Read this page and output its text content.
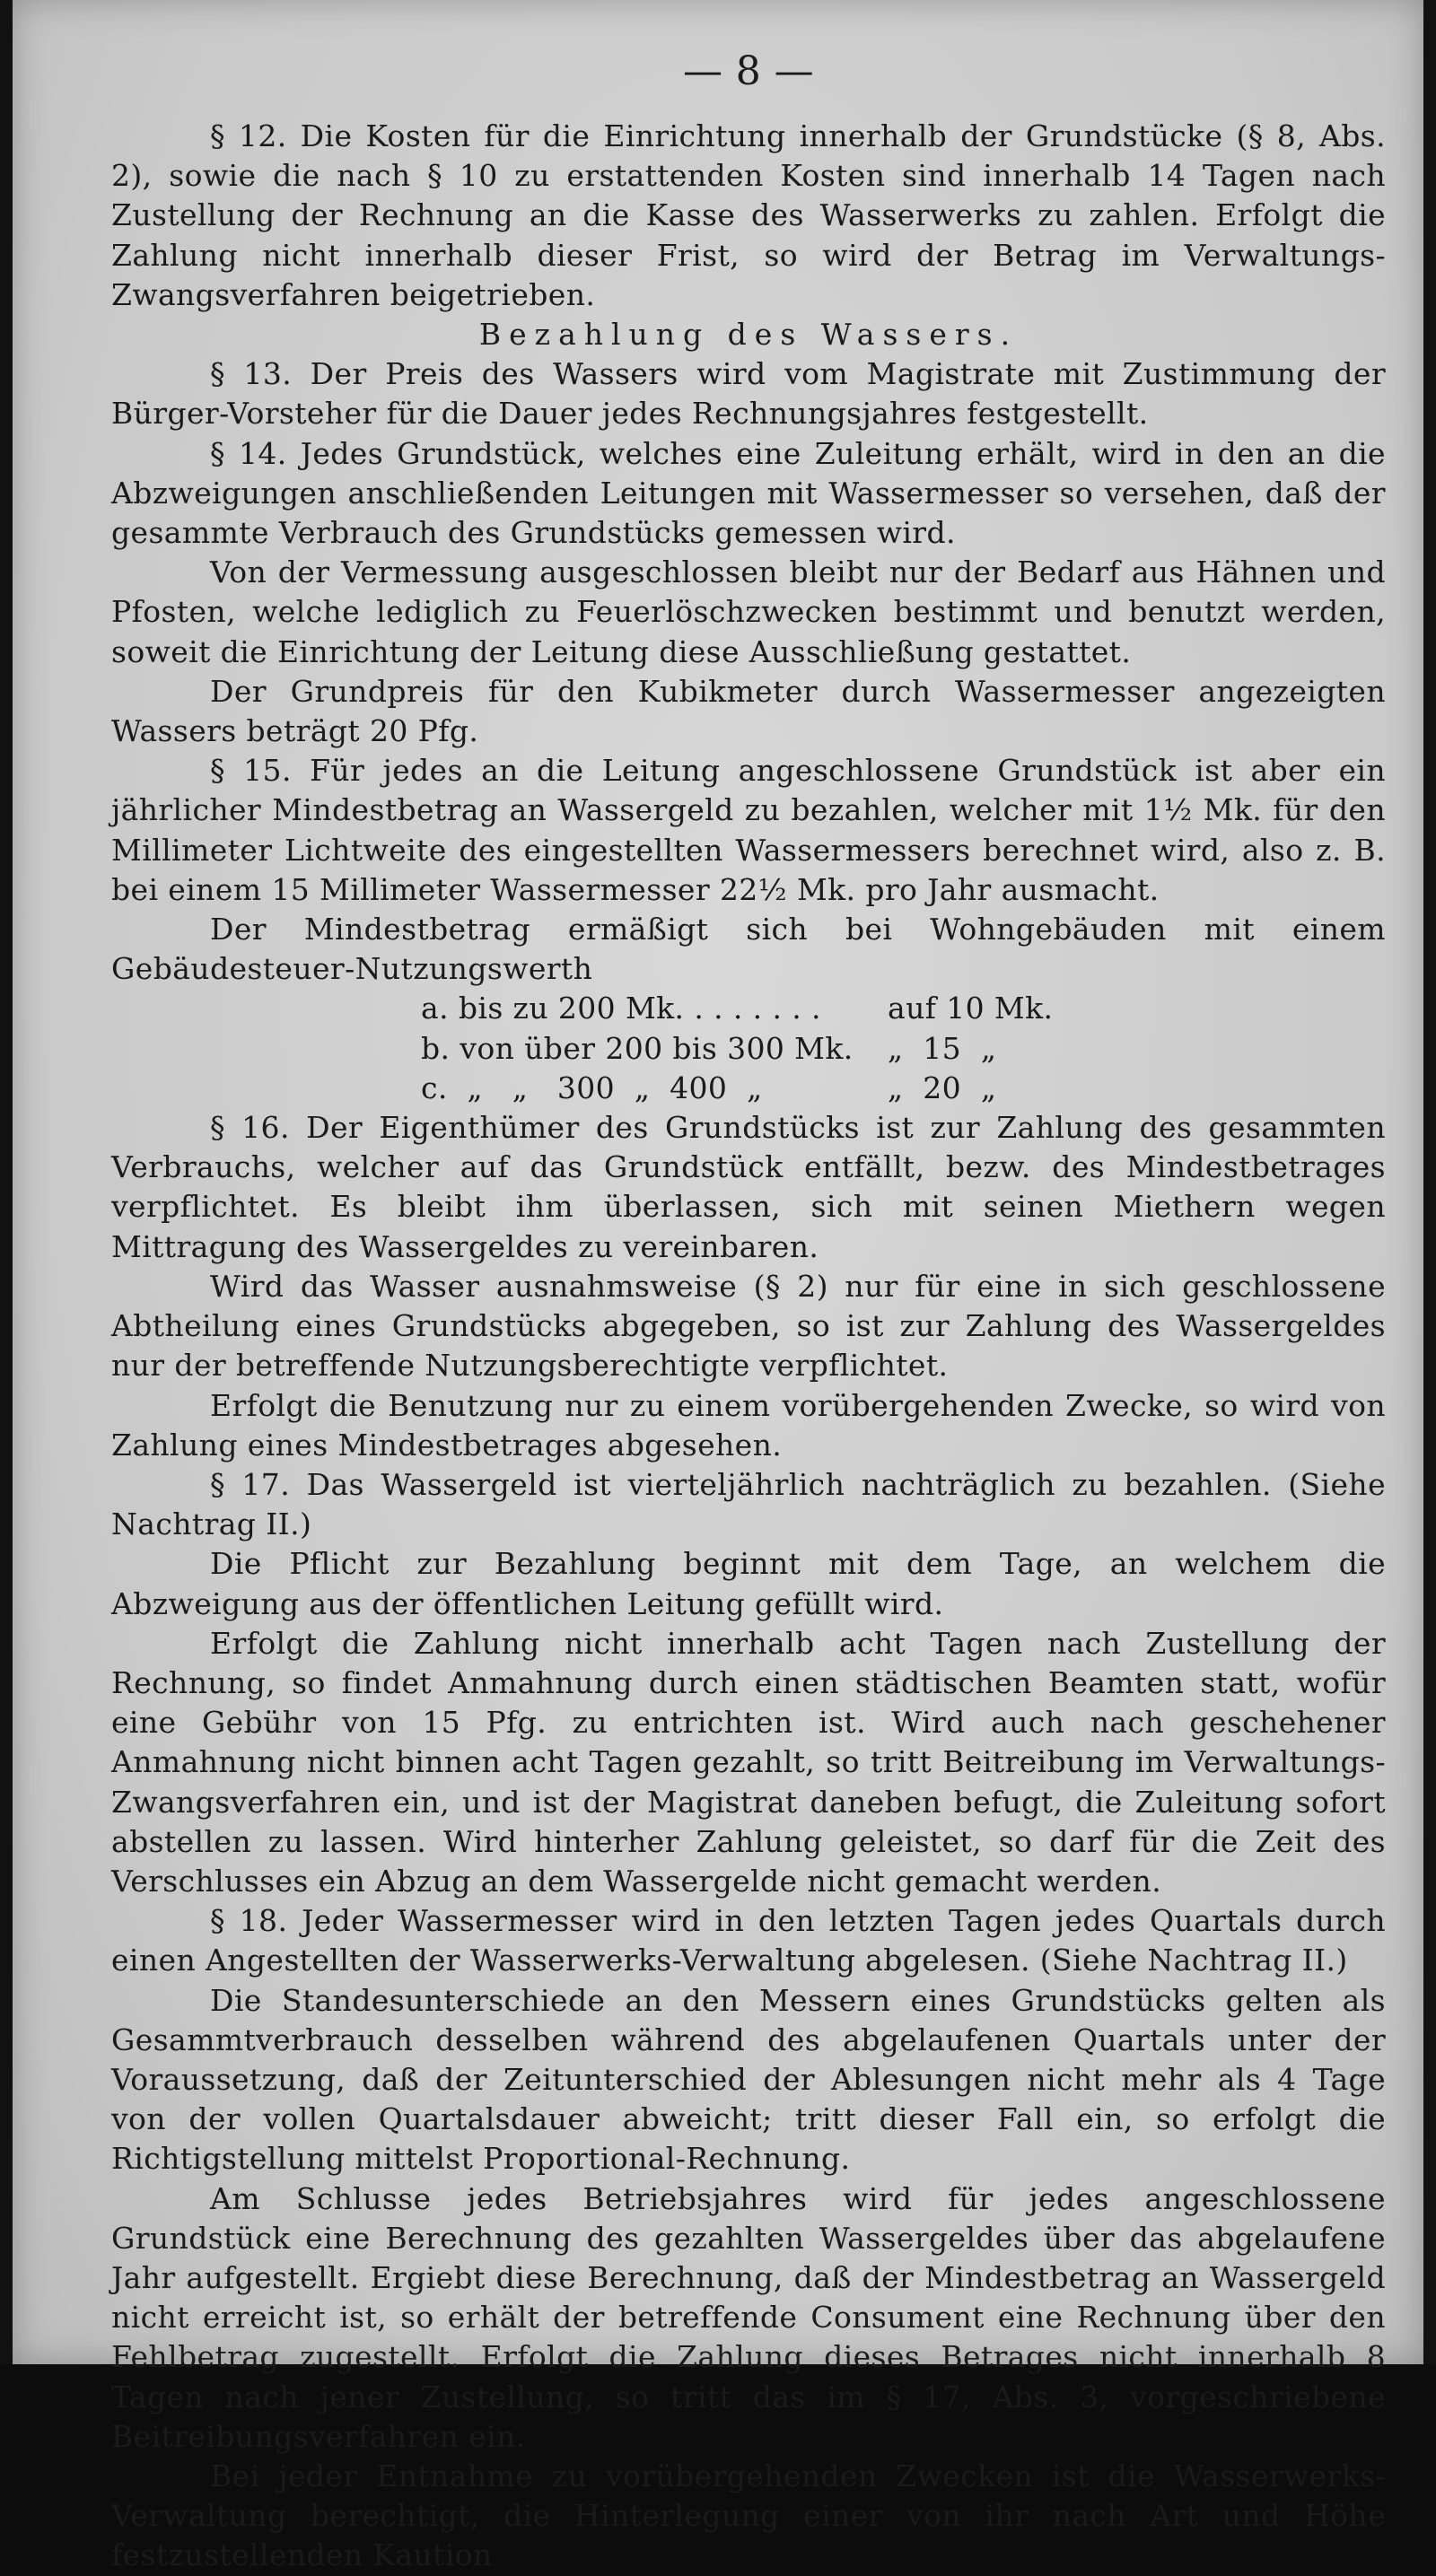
— 8 —

§ 12. Die Kosten für die Einrichtung innerhalb der Grundstücke (§ 8, Abs. 2), sowie die nach § 10 zu erstattenden Kosten sind innerhalb 14 Tagen nach Zustellung der Rechnung an die Kasse des Wasserwerks zu zahlen. Erfolgt die Zahlung nicht innerhalb dieser Frist, so wird der Betrag im Verwaltungs-Zwangsverfahren beigetrieben.

Bezahlung des Wassers.

§ 13. Der Preis des Wassers wird vom Magistrate mit Zustimmung der Bürger-Vorsteher für die Dauer jedes Rechnungsjahres festgestellt.

§ 14. Jedes Grundstück, welches eine Zuleitung erhält, wird in den an die Abzweigungen anschließenden Leitungen mit Wassermesser so versehen, daß der gesammte Verbrauch des Grundstücks gemessen wird.

Von der Vermessung ausgeschlossen bleibt nur der Bedarf aus Hähnen und Pfosten, welche lediglich zu Feuerlöschzwecken bestimmt und benutzt werden, soweit die Einrichtung der Leitung diese Ausschließung gestattet.

Der Grundpreis für den Kubikmeter durch Wassermesser angezeigten Wassers beträgt 20 Pfg.

§ 15. Für jedes an die Leitung angeschlossene Grundstück ist aber ein jährlicher Mindestbetrag an Wassergeld zu bezahlen, welcher mit 1½ Mk. für den Millimeter Lichtweite des eingestellten Wassermessers berechnet wird, also z. B. bei einem 15 Millimeter Wassermesser 22½ Mk. pro Jahr ausmacht.

Der Mindestbetrag ermäßigt sich bei Wohngebäuden mit einem Gebäudesteuer-Nutzungswerth

a. bis zu 200 Mk. . . . . . . . auf 10 Mk.
b. von über 200 bis 300 Mk. „  15  „
c.  „   „   300  „  400  „	„  20  „

§ 16. Der Eigenthümer des Grundstücks ist zur Zahlung des gesammten Verbrauchs, welcher auf das Grundstück entfällt, bezw. des Mindestbetrages verpflichtet. Es bleibt ihm überlassen, sich mit seinen Miethern wegen Mittragung des Wassergeldes zu vereinbaren.

Wird das Wasser ausnahmsweise (§ 2) nur für eine in sich geschlossene Abtheilung eines Grundstücks abgegeben, so ist zur Zahlung des Wassergeldes nur der betreffende Nutzungsberechtigte verpflichtet.

Erfolgt die Benutzung nur zu einem vorübergehenden Zwecke, so wird von Zahlung eines Mindestbetrages abgesehen.

§ 17. Das Wassergeld ist vierteljährlich nachträglich zu bezahlen. (Siehe Nachtrag II.)

Die Pflicht zur Bezahlung beginnt mit dem Tage, an welchem die Abzweigung aus der öffentlichen Leitung gefüllt wird.

Erfolgt die Zahlung nicht innerhalb acht Tagen nach Zustellung der Rechnung, so findet Anmahnung durch einen städtischen Beamten statt, wofür eine Gebühr von 15 Pfg. zu entrichten ist. Wird auch nach geschehener Anmahnung nicht binnen acht Tagen gezahlt, so tritt Beitreibung im Verwaltungs-Zwangsverfahren ein, und ist der Magistrat daneben befugt, die Zuleitung sofort abstellen zu lassen. Wird hinterher Zahlung geleistet, so darf für die Zeit des Verschlusses ein Abzug an dem Wassergelde nicht gemacht werden.

§ 18. Jeder Wassermesser wird in den letzten Tagen jedes Quartals durch einen Angestellten der Wasserwerks-Verwaltung abgelesen. (Siehe Nachtrag II.)

Die Standesunterschiede an den Messern eines Grundstücks gelten als Gesammtverbrauch desselben während des abgelaufenen Quartals unter der Voraussetzung, daß der Zeitunterschied der Ablesungen nicht mehr als 4 Tage von der vollen Quartalsdauer abweicht; tritt dieser Fall ein, so erfolgt die Richtigstellung mittelst Proportional-Rechnung.

Am Schlusse jedes Betriebsjahres wird für jedes angeschlossene Grundstück eine Berechnung des gezahlten Wassergeldes über das abgelaufene Jahr aufgestellt. Ergiebt diese Berechnung, daß der Mindestbetrag an Wassergeld nicht erreicht ist, so erhält der betreffende Consument eine Rechnung über den Fehlbetrag zugestellt. Erfolgt die Zahlung dieses Betrages nicht innerhalb 8 Tagen nach jener Zustellung, so tritt das im § 17, Abs. 3, vorgeschriebene Beitreibungsverfahren ein.

Bei jeder Entnahme zu vorübergehenden Zwecken ist die Wasserwerks-Verwaltung berechtigt, die Hinterlegung einer von ihr nach Art und Höhe festzustellenden Kaution
